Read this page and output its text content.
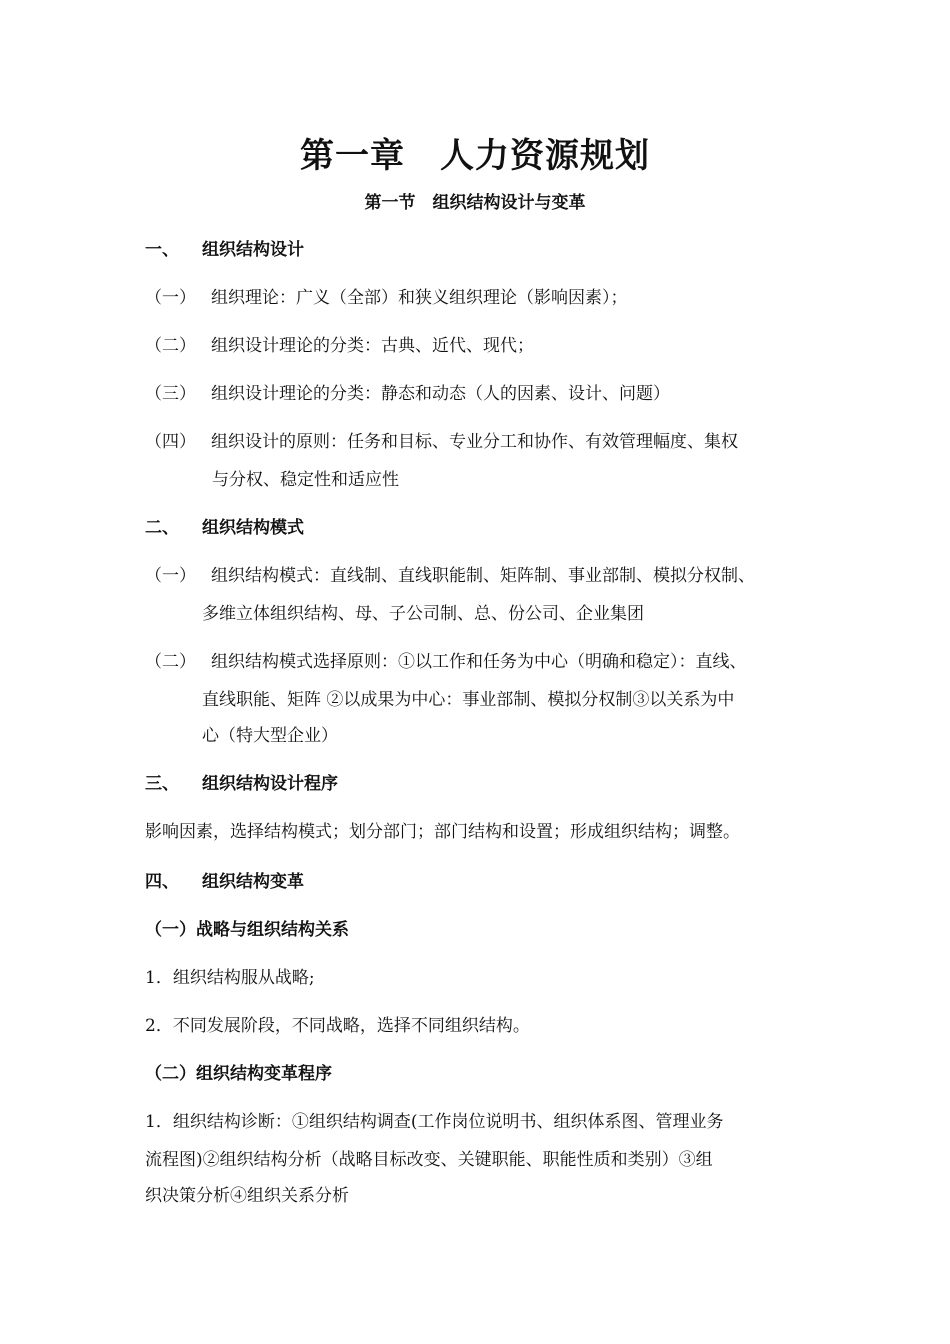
第一章　人力资源规划
第一节　组织结构设计与变革
一、 组织结构设计
（一） 组织理论：广义（全部）和狭义组织理论（影响因素）；
（二） 组织设计理论的分类：古典、近代、现代；
（三） 组织设计理论的分类：静态和动态（人的因素、设计、问题）
（四） 组织设计的原则：任务和目标、专业分工和协作、有效管理幅度、集权
与分权、稳定性和适应性
二、 组织结构模式
（一） 组织结构模式：直线制、直线职能制、矩阵制、事业部制、模拟分权制、
多维立体组织结构、母、子公司制、总、份公司、企业集团
（二） 组织结构模式选择原则：①以工作和任务为中心（明确和稳定）：直线、
直线职能、矩阵 ②以成果为中心：事业部制、模拟分权制③以关系为中
心（特大型企业）
三、 组织结构设计程序
影响因素，选择结构模式；划分部门；部门结构和设置；形成组织结构；调整。
四、 组织结构变革
（一）战略与组织结构关系
1．组织结构服从战略;
2．不同发展阶段，不同战略，选择不同组织结构。
（二）组织结构变革程序
1．组织结构诊断：①组织结构调查(工作岗位说明书、组织体系图、管理业务
流程图)②组织结构分析（战略目标改变、关键职能、职能性质和类别）③组
织决策分析④组织关系分析
